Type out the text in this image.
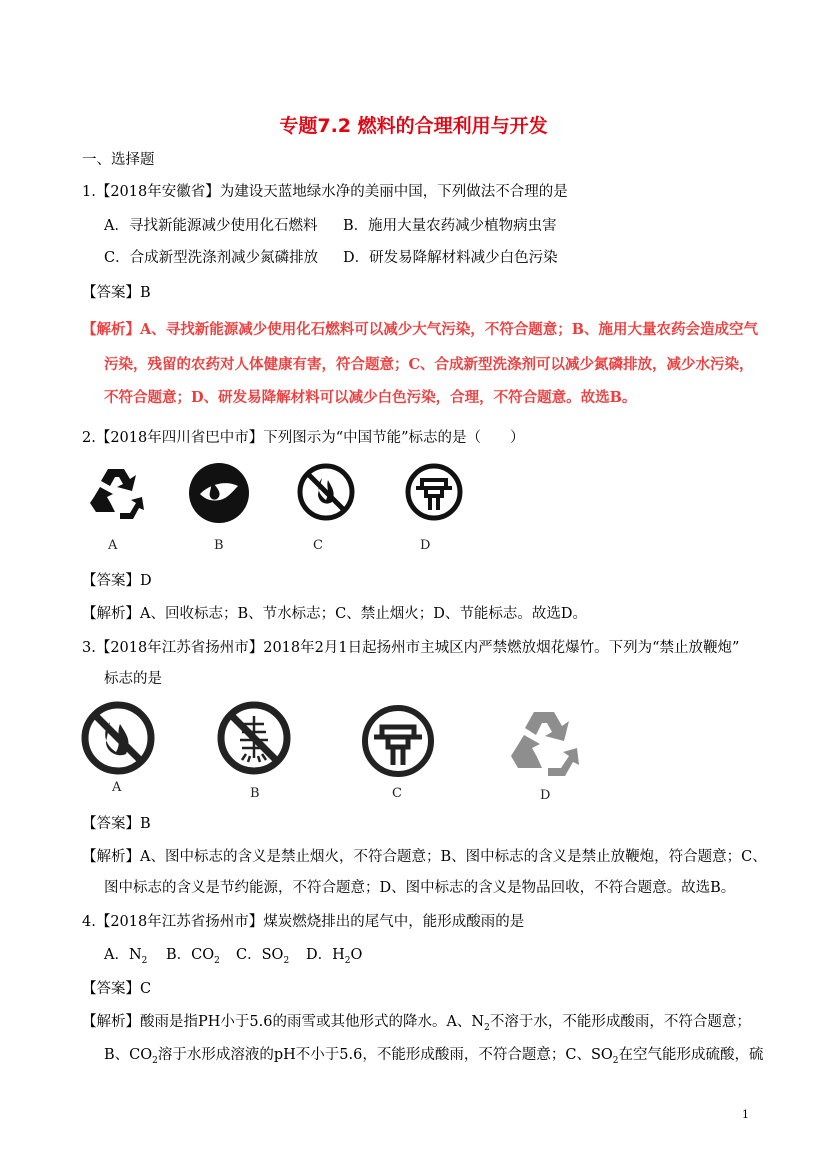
专题7.2 燃料的合理利用与开发
一、选择题
1.【2018年安徽省】为建设天蓝地绿水净的美丽中国，下列做法不合理的是
A．寻找新能源减少使用化石燃料 B．施用大量农药减少植物病虫害
C．合成新型洗涤剂减少氮磷排放 D．研发易降解材料减少白色污染
【答案】B
【解析】A、寻找新能源减少使用化石燃料可以减少大气污染，不符合题意；B、施用大量农药会造成空气
污染，残留的农药对人体健康有害，符合题意；C、合成新型洗涤剂可以减少氮磷排放，减少水污染，
不符合题意；D、研发易降解材料可以减少白色污染，合理，不符合题意。故选B。
2.【2018年四川省巴中市】下列图示为“中国节能”标志的是（　　）
A	B	C	D
【答案】D
【解析】A、回收标志；B、节水标志；C、禁止烟火；D、节能标志。故选D。
3.【2018年江苏省扬州市】2018年2月1日起扬州市主城区内严禁燃放烟花爆竹。下列为“禁止放鞭炮”
标志的是
A	B	C	D
【答案】B
【解析】A、图中标志的含义是禁止烟火，不符合题意；B、图中标志的含义是禁止放鞭炮，符合题意；C、
图中标志的含义是节约能源，不符合题意；D、图中标志的含义是物品回收，不符合题意。故选B。
4.【2018年江苏省扬州市】煤炭燃烧排出的尾气中，能形成酸雨的是
A．$N_2$ B．$CO_2$ C．$SO_2$ D．$H_2O$
【答案】C
【解析】酸雨是指PH小于5.6的雨雪或其他形式的降水。A、$N_2$不溶于水，不能形成酸雨，不符合题意；
B、$CO_2$溶于水形成溶液的pH不小于5.6，不能形成酸雨，不符合题意；C、$SO_2$在空气能形成硫酸，硫
1
